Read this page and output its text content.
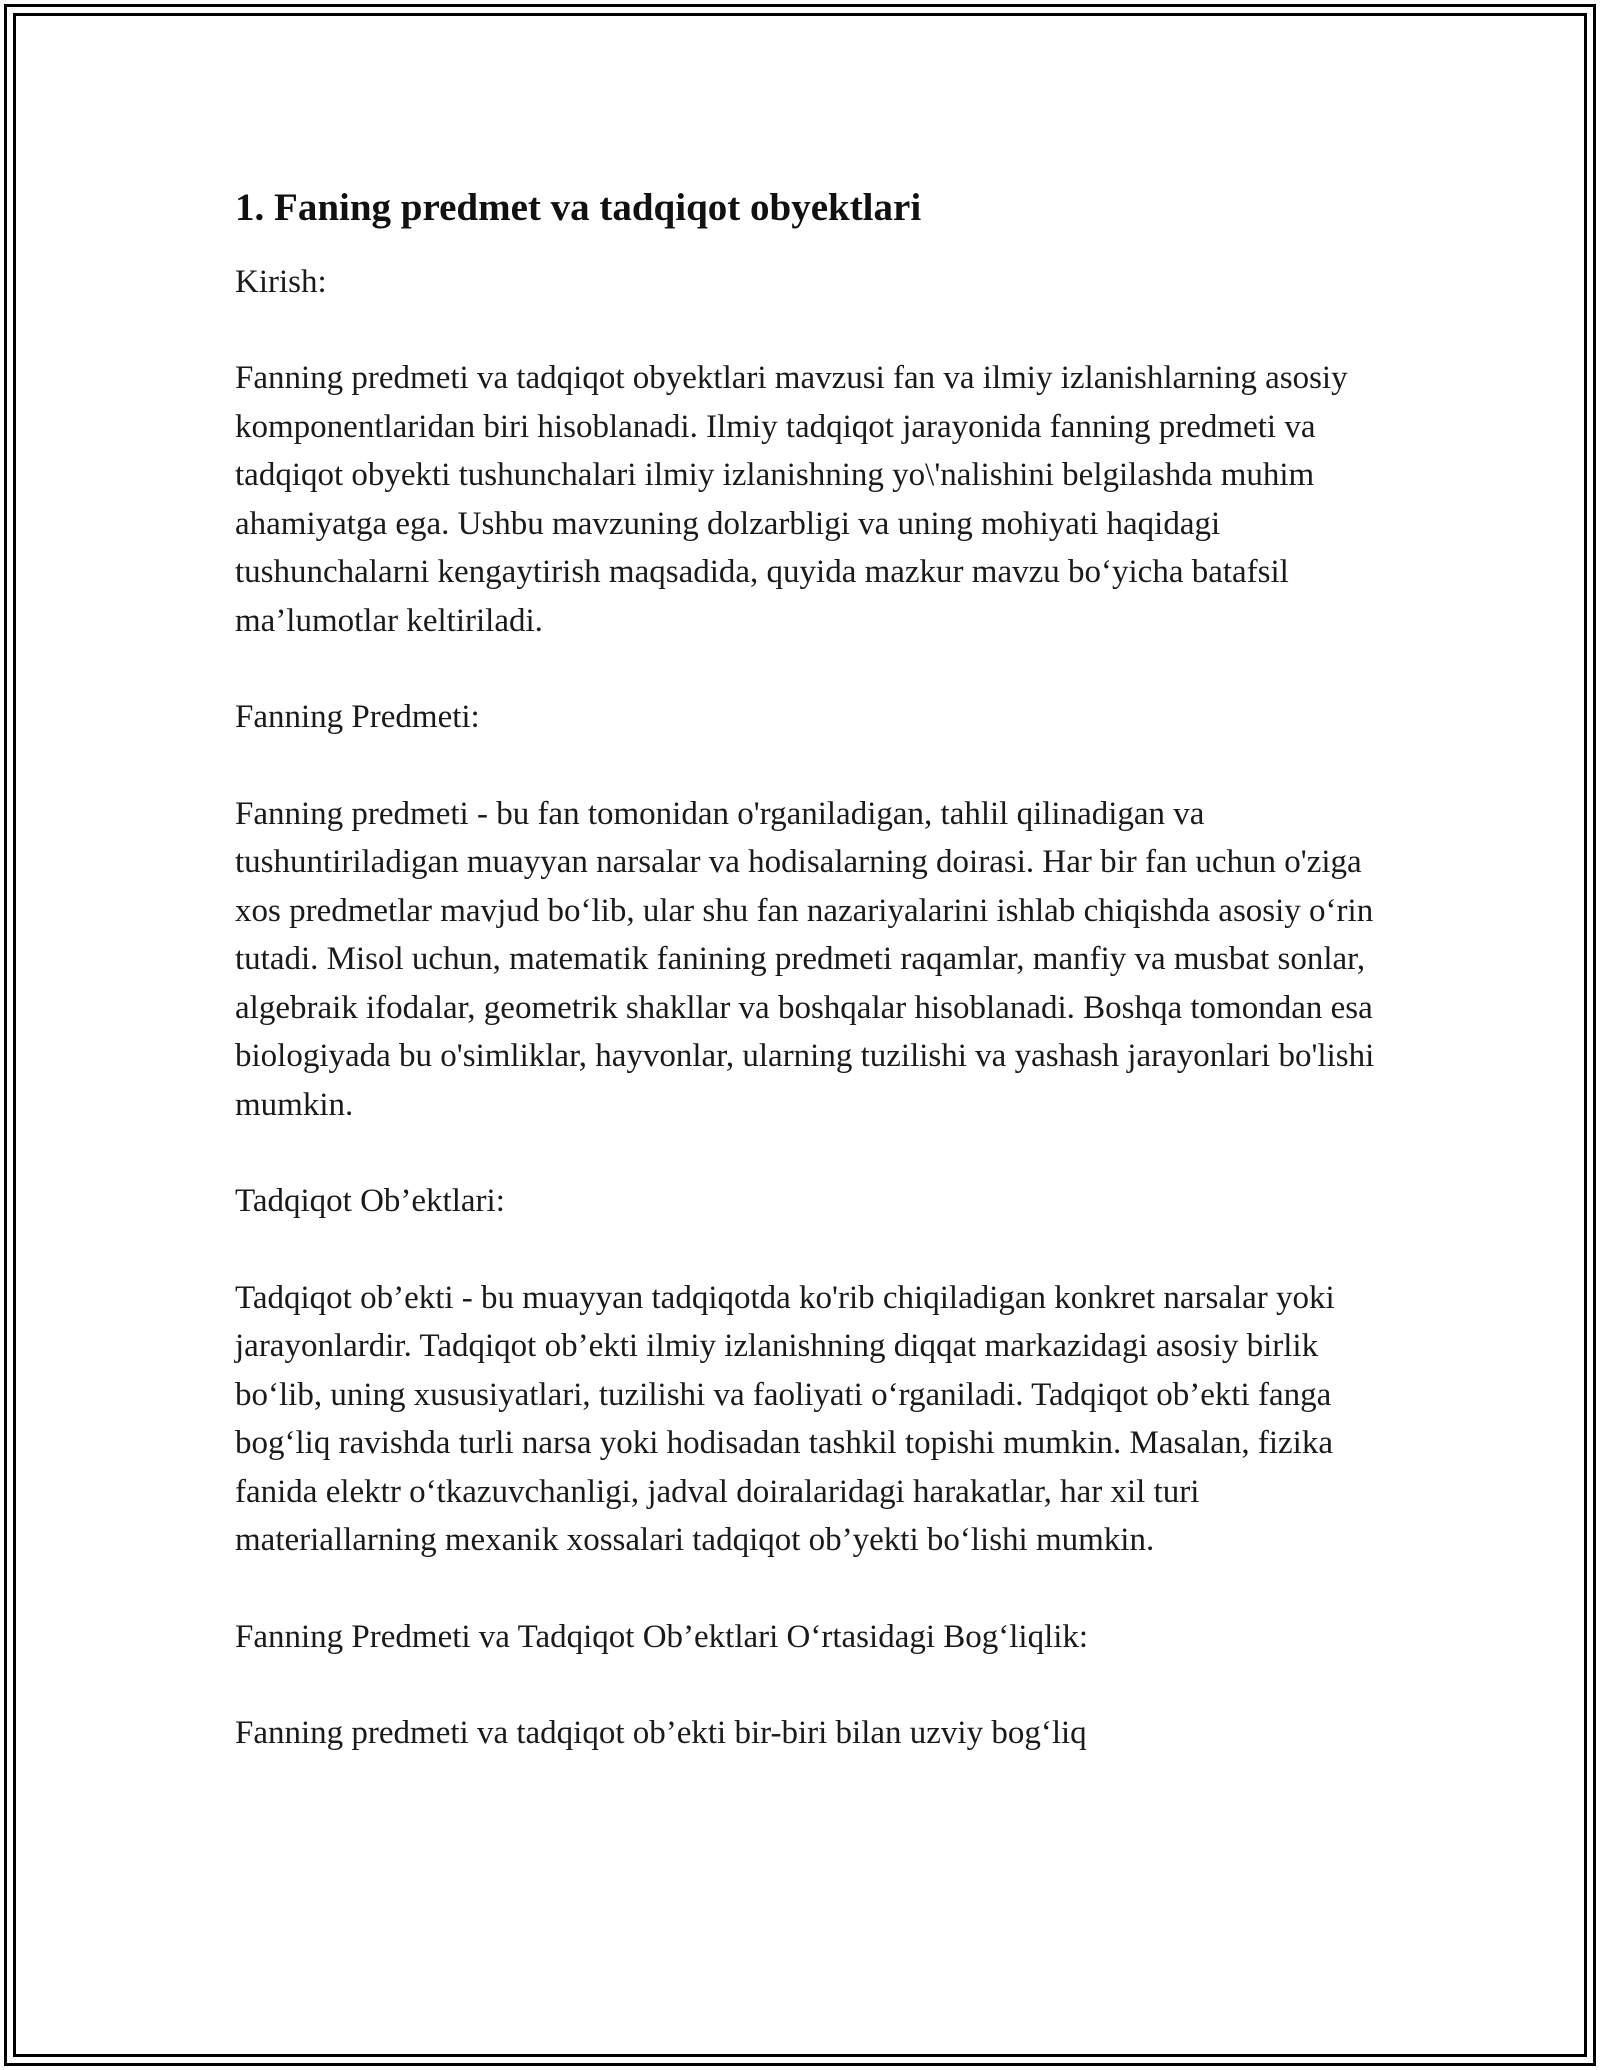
1. Faning predmet va tadqiqot obyektlari
Kirish:
Fanning predmeti va tadqiqot obyektlari mavzusi fan va ilmiy izlanishlarning asosiy komponentlaridan biri hisoblanadi. Ilmiy tadqiqot jarayonida fanning predmeti va tadqiqot obyekti tushunchalari ilmiy izlanishning yo\'nalishini belgilashda muhim ahamiyatga ega. Ushbu mavzuning dolzarbligi va uning mohiyati haqidagi tushunchalarni kengaytirish maqsadida, quyida mazkur mavzu bo‘yicha batafsil ma’lumotlar keltiriladi.
Fanning Predmeti:
Fanning predmeti - bu fan tomonidan o'rganiladigan, tahlil qilinadigan va tushuntiriladigan muayyan narsalar va hodisalarning doirasi. Har bir fan uchun o'ziga xos predmetlar mavjud bo‘lib, ular shu fan nazariyalarini ishlab chiqishda asosiy o‘rin tutadi. Misol uchun, matematik fanining predmeti raqamlar, manfiy va musbat sonlar, algebraik ifodalar, geometrik shakllar va boshqalar hisoblanadi. Boshqa tomondan esa biologiyada bu o'simliklar, hayvonlar, ularning tuzilishi va yashash jarayonlari bo'lishi mumkin.
Tadqiqot Ob’ektlari:
Tadqiqot ob’ekti - bu muayyan tadqiqotda ko'rib chiqiladigan konkret narsalar yoki jarayonlardir. Tadqiqot ob’ekti ilmiy izlanishning diqqat markazidagi asosiy birlik bo‘lib, uning xususiyatlari, tuzilishi va faoliyati o‘rganiladi. Tadqiqot ob’ekti fanga bog‘liq ravishda turli narsa yoki hodisadan tashkil topishi mumkin. Masalan, fizika fanida elektr o‘tkazuvchanligi, jadval doiralaridagi harakatlar, har xil turi materiallarning mexanik xossalari tadqiqot ob’yekti bo‘lishi mumkin.
Fanning Predmeti va Tadqiqot Ob’ektlari O‘rtasidagi Bog‘liqlik:
Fanning predmeti va tadqiqot ob’ekti bir-biri bilan uzviy bog‘liq
